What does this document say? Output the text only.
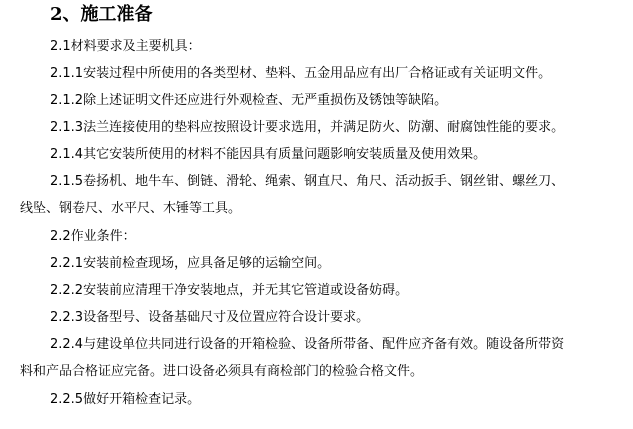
2、施工准备
2.1材料要求及主要机具：
2.1.1安装过程中所使用的各类型材、垫料、五金用品应有出厂合格证或有关证明文件。
2.1.2除上述证明文件还应进行外观检查、无严重损伤及锈蚀等缺陷。
2.1.3法兰连接使用的垫料应按照设计要求选用，并满足防火、防潮、耐腐蚀性能的要求。
2.1.4其它安装所使用的材料不能因具有质量问题影响安装质量及使用效果。
2.1.5卷扬机、地牛车、倒链、滑轮、绳索、钢直尺、角尺、活动扳手、钢丝钳、螺丝刀、
线坠、钢卷尺、水平尺、木锤等工具。
2.2作业条件：
2.2.1安装前检查现场，应具备足够的运输空间。
2.2.2安装前应清理干净安装地点，并无其它管道或设备妨碍。
2.2.3设备型号、设备基础尺寸及位置应符合设计要求。
2.2.4与建设单位共同进行设备的开箱检验、设备所带备、配件应齐备有效。随设备所带资
料和产品合格证应完备。进口设备必须具有商检部门的检验合格文件。
2.2.5做好开箱检查记录。
